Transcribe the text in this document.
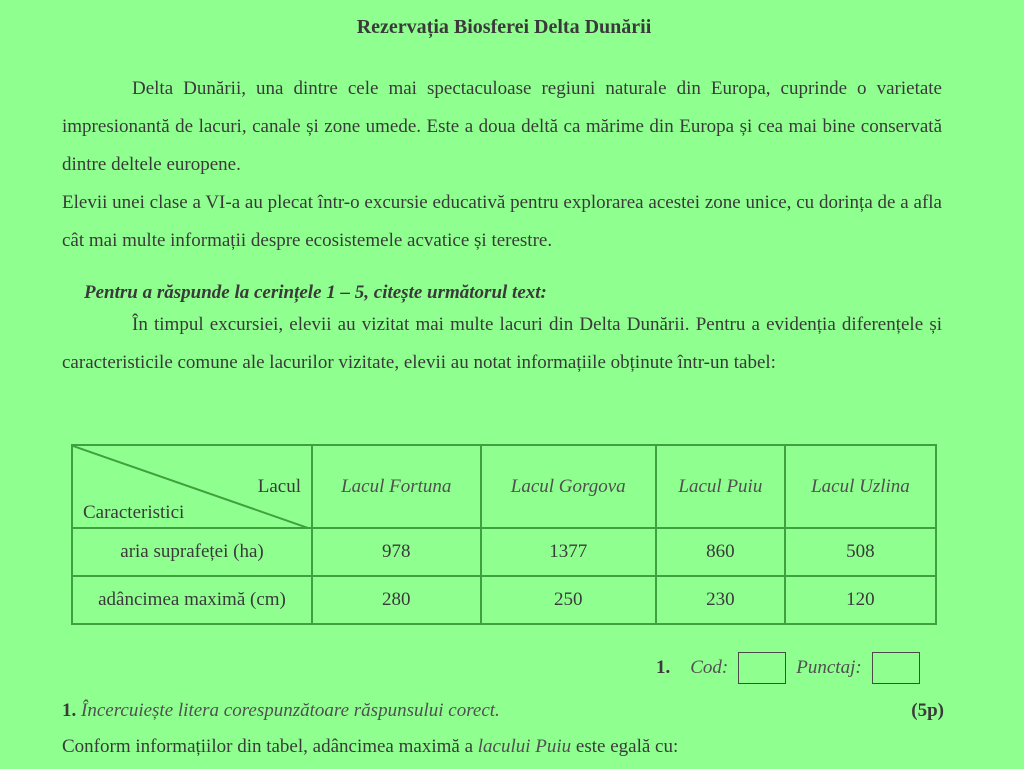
Rezervația Biosferei Delta Dunării
Delta Dunării, una dintre cele mai spectaculoase regiuni naturale din Europa, cuprinde o varietate impresionantă de lacuri, canale și zone umede. Este a doua deltă ca mărime din Europa și cea mai bine conservată dintre deltele europene.
Elevii unei clase a VI-a au plecat într-o excursie educativă pentru explorarea acestei zone unice, cu dorința de a afla cât mai multe informații despre ecosistemele acvatice și terestre.
Pentru a răspunde la cerințele 1 – 5, citește următorul text:
În timpul excursiei, elevii au vizitat mai multe lacuri din Delta Dunării. Pentru a evidenția diferențele și caracteristicile comune ale lacurilor vizitate, elevii au notat informațiile obținute într-un tabel:
Lacul
Caracteristici	Lacul Fortuna	Lacul Gorgova	Lacul Puiu	Lacul Uzlina
aria suprafeței (ha)	978	1377	860	508
adâncimea maximă (cm)	280	250	230	120
1. Cod:	Punctaj:
1. Încercuiește litera corespunzătoare răspunsului corect.	(5p)
Conform informațiilor din tabel, adâncimea maximă a lacului Puiu este egală cu:
